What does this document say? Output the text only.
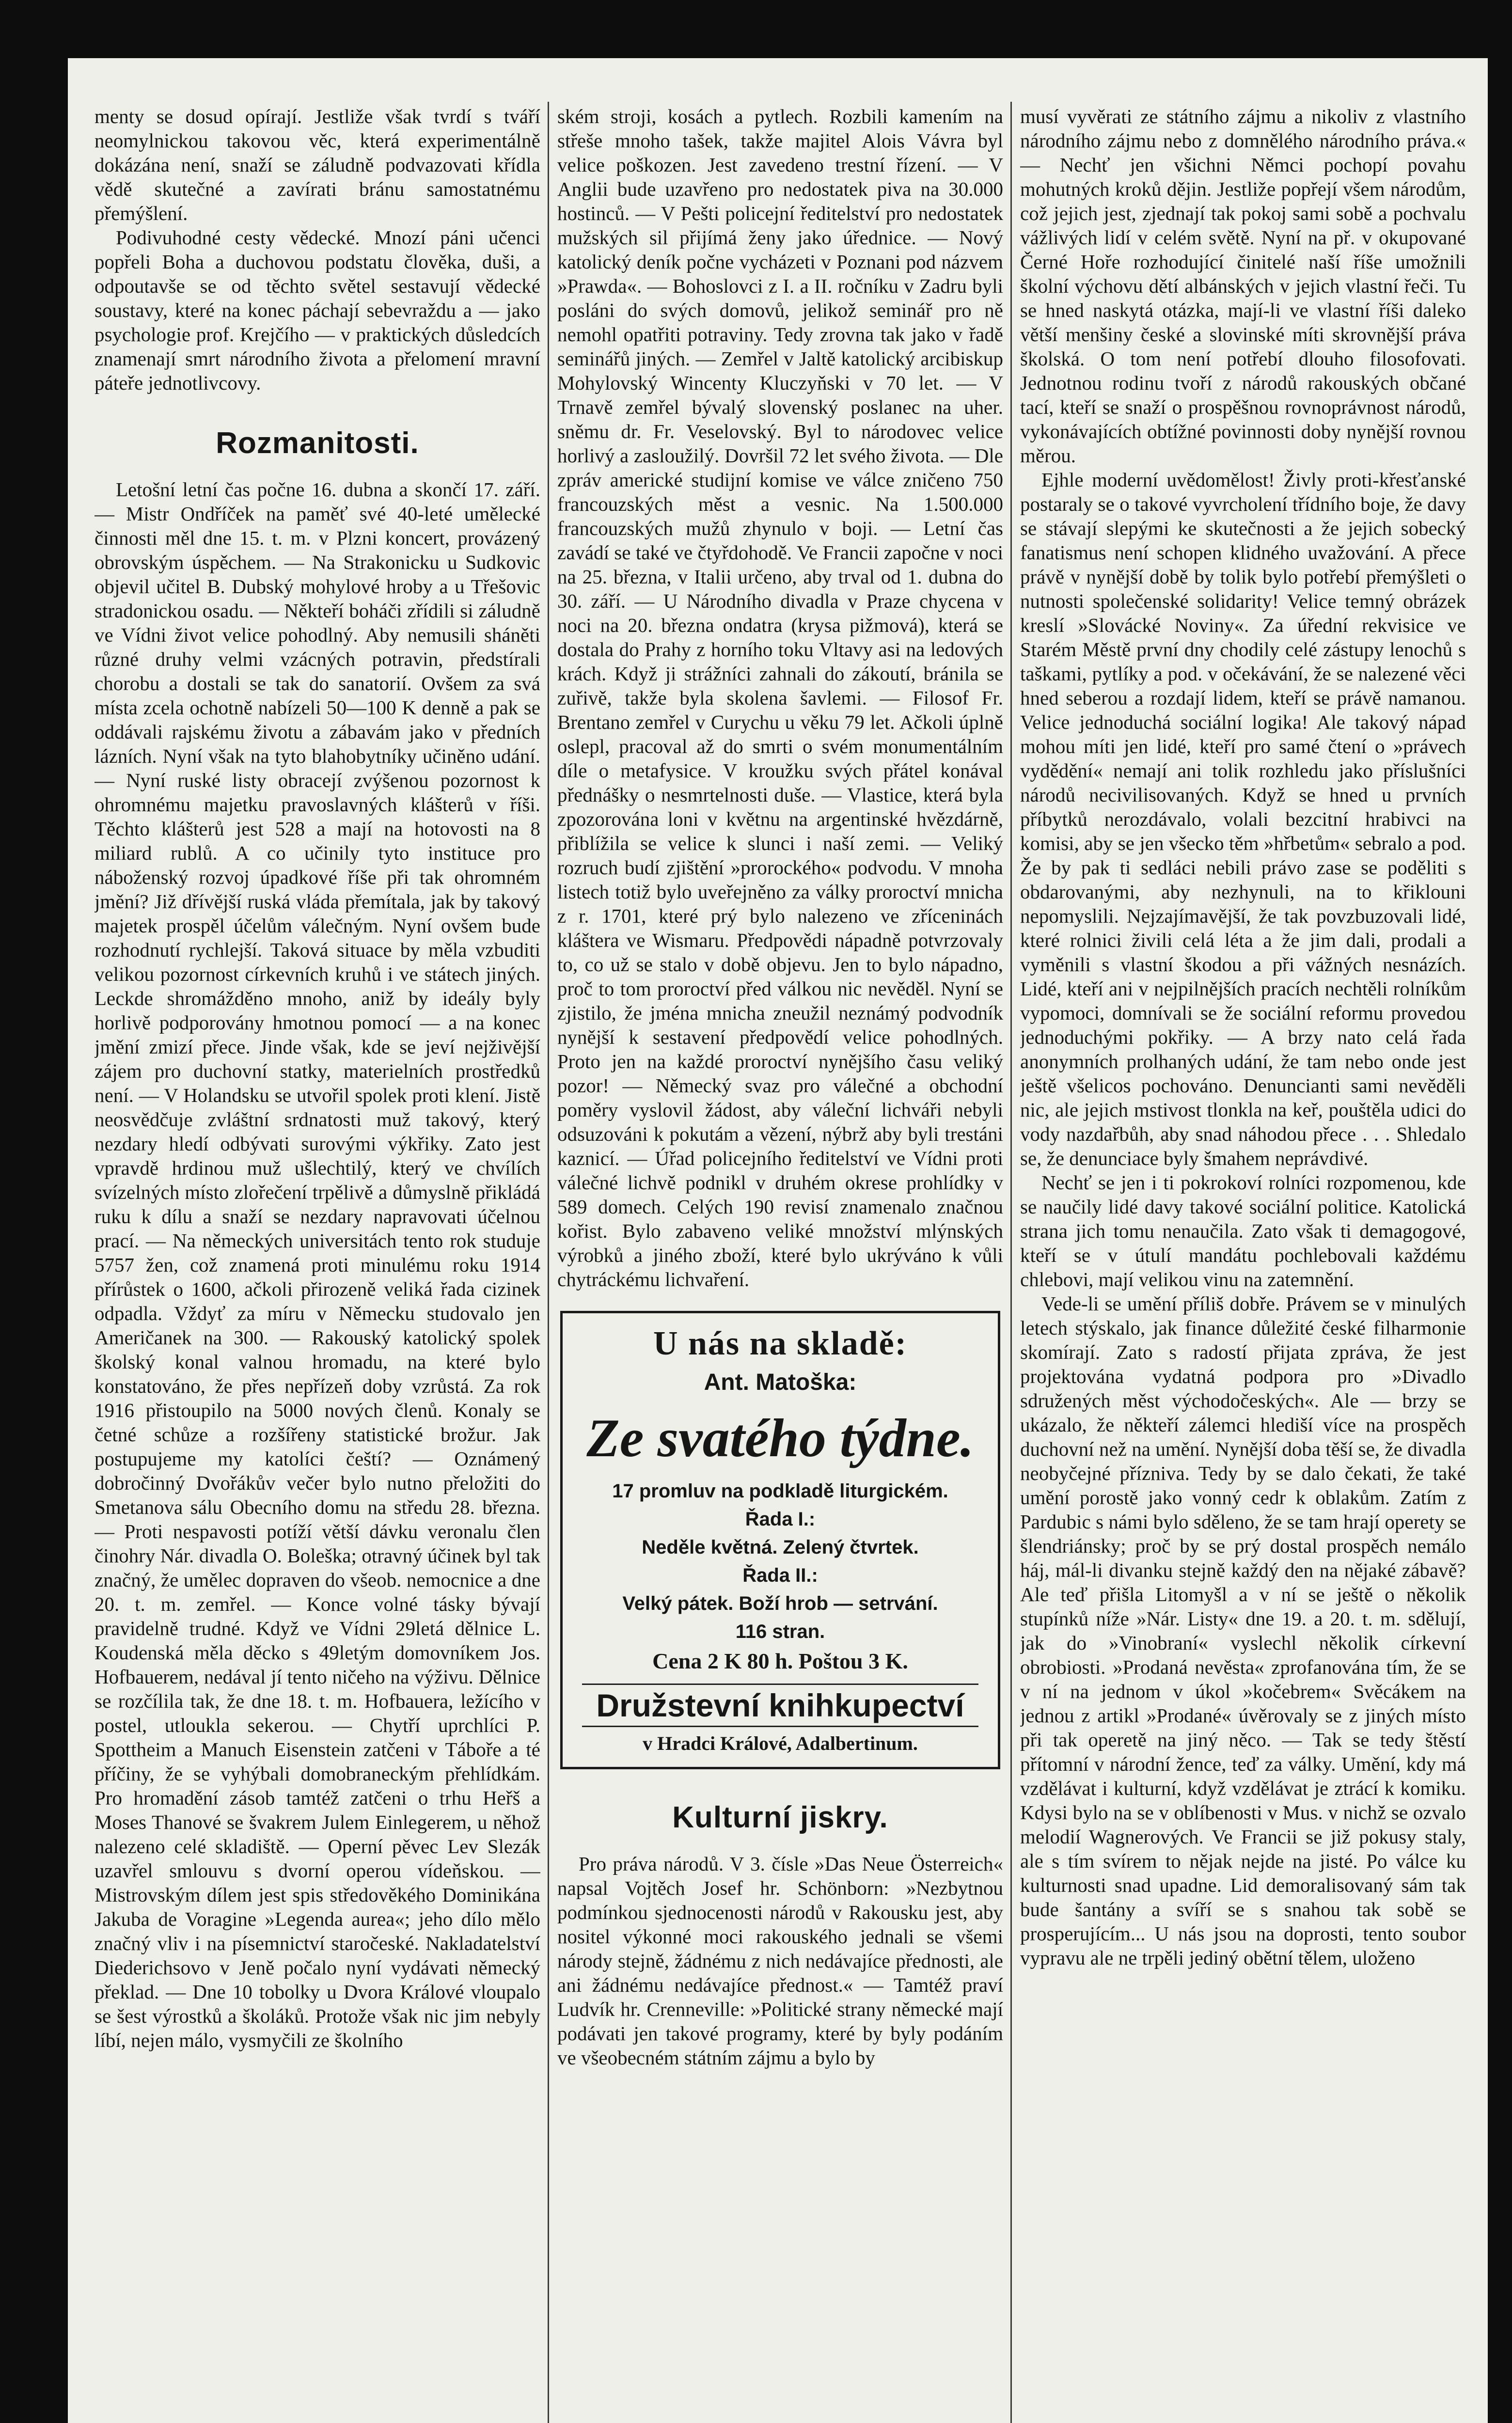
menty se dosud opírají. Jestliže však tvrdí s tváří neomylnickou takovou věc, která experimentálně dokázána není, snaží se záludně podvazovati křídla vědě skutečné a zavírati bránu samostatnému přemýšlení.

Podivuhodné cesty vědecké. Mnozí páni učenci popřeli Boha a duchovou podstatu člověka, duši, a odpoutavše se od těchto světel sestavují vědecké soustavy, které na konec páchají sebevraždu a — jako psychologie prof. Krejčího — v praktických důsledcích znamenají smrt národního života a přelomení mravní páteře jednotlivcovy.

Rozmanitosti.

Letošní letní čas počne 16. dubna a skončí 17. září. — Mistr Ondříček na paměť své 40-leté umělecké činnosti měl dne 15. t. m. v Plzni koncert, provázený obrovským úspěchem. — Na Strakonicku u Sudkovic objevil učitel B. Dubský mohylové hroby a u Třešovic stradonickou osadu. — Někteří boháči zřídili si záludně ve Vídni život velice pohodlný. Aby nemusili sháněti různé druhy velmi vzácných potravin, předstírali chorobu a dostali se tak do sanatorií. Ovšem za svá místa zcela ochotně nabízeli 50—100 K denně a pak se oddávali rajskému životu a zábavám jako v předních lázních. Nyní však na tyto blahobytníky učiněno udání. — Nyní ruské listy obracejí zvýšenou pozornost k ohromnému majetku pravoslavných klášterů v říši. Těchto klášterů jest 528 a mají na hotovosti na 8 miliard rublů. A co učinily tyto instituce pro náboženský rozvoj úpadkové říše při tak ohromném jmění? Již dřívější ruská vláda přemítala, jak by takový majetek prospěl účelům válečným. Nyní ovšem bude rozhodnutí rychlejší. Taková situace by měla vzbuditi velikou pozornost církevních kruhů i ve státech jiných. Leckde shromážděno mnoho, aniž by ideály byly horlivě podporovány hmotnou pomocí — a na konec jmění zmizí přece. Jinde však, kde se jeví nejživější zájem pro duchovní statky, materielních prostředků není. — V Holandsku se utvořil spolek proti klení. Jistě neosvědčuje zvláštní srdnatosti muž takový, který nezdary hledí odbývati surovými výkřiky. Zato jest vpravdě hrdinou muž ušlechtilý, který ve chvílích svízelných místo zlořečení trpělivě a důmyslně přikládá ruku k dílu a snaží se nezdary napravovati účelnou prací. — Na německých universitách tento rok studuje 5757 žen, což znamená proti minulému roku 1914 přírůstek o 1600, ačkoli přirozeně veliká řada cizinek odpadla. Vždyť za míru v Německu studovalo jen Američanek na 300. — Rakouský katolický spolek školský konal valnou hromadu, na které bylo konstatováno, že přes nepřízeň doby vzrůstá. Za rok 1916 přistoupilo na 5000 nových členů. Konaly se četné schůze a rozšířeny statistické brožur. Jak postupujeme my katolíci čeští? — Oznámený dobročinný Dvořákův večer bylo nutno přeložiti do Smetanova sálu Obecního domu na středu 28. března. — Proti nespavosti potíží větší dávku veronalu člen činohry Nár. divadla O. Boleška; otravný účinek byl tak značný, že umělec dopraven do všeob. nemocnice a dne 20. t. m. zemřel. — Konce volné tásky bývají pravidelně trudné. Když ve Vídni 29letá dělnice L. Koudenská měla děcko s 49letým domovníkem Jos. Hofbauerem, nedával jí tento ničeho na výživu. Dělnice se rozčílila tak, že dne 18. t. m. Hofbauera, ležícího v postel, utloukla sekerou. — Chytří uprchlíci P. Spottheim a Manuch Eisenstein zatčeni v Táboře a té příčiny, že se vyhýbali domobraneckým přehlídkám. Pro hromadění zásob tamtéž zatčeni o trhu Heřš a Moses Thanové se švakrem Julem Einlegerem, u něhož nalezeno celé skladiště. — Operní pěvec Lev Slezák uzavřel smlouvu s dvorní operou vídeňskou. — Mistrovským dílem jest spis středověkého Dominikána Jakuba de Voragine »Legenda aurea«; jeho dílo mělo značný vliv i na písemnictví staročeské. Nakladatelství Diederichsovo v Jeně počalo nyní vydávati německý překlad. — Dne 10 tobolky u Dvora Králové vloupalo se šest výrostků a školáků. Protože však nic jim nebyly líbí, nejen málo, vysmyčili ze školního

ském stroji, kosách a pytlech. Rozbili kamením na střeše mnoho tašek, takže majitel Alois Vávra byl velice poškozen. Jest zavedeno trestní řízení. — V Anglii bude uzavřeno pro nedostatek piva na 30.000 hostinců. — V Pešti policejní ředitelství pro nedostatek mužských sil přijímá ženy jako úřednice. — Nový katolický deník počne vycházeti v Poznani pod názvem »Prawda«. — Bohoslovci z I. a II. ročníku v Zadru byli posláni do svých domovů, jelikož seminář pro ně nemohl opatřiti potraviny. Tedy zrovna tak jako v řadě seminářů jiných. — Zemřel v Jaltě katolický arcibiskup Mohylovský Wincenty Kluczyňski v 70 let. — V Trnavě zemřel bývalý slovenský poslanec na uher. sněmu dr. Fr. Veselovský. Byl to národovec velice horlivý a zasloužilý. Dovršil 72 let svého života. — Dle zpráv americké studijní komise ve válce zničeno 750 francouzských měst a vesnic. Na 1.500.000 francouzských mužů zhynulo v boji. — Letní čas zavádí se také ve čtyřdohodě. Ve Francii započne v noci na 25. března, v Italii určeno, aby trval od 1. dubna do 30. září. — U Národního divadla v Praze chycena v noci na 20. března ondatra (krysa pižmová), která se dostala do Prahy z horního toku Vltavy asi na ledových krách. Když ji strážníci zahnali do zákoutí, bránila se zuřivě, takže byla skolena šavlemi. — Filosof Fr. Brentano zemřel v Curychu u věku 79 let. Ačkoli úplně oslepl, pracoval až do smrti o svém monumentálním díle o metafysice. V kroužku svých přátel konával přednášky o nesmrtelnosti duše. — Vlastice, která byla zpozorována loni v květnu na argentinské hvězdárně, přiblížila se velice k slunci i naší zemi. — Veliký rozruch budí zjištění »prorockého« podvodu. V mnoha listech totiž bylo uveřejněno za války proroctví mnicha z r. 1701, které prý bylo nalezeno ve zříceninách kláštera ve Wismaru. Předpovědi nápadně potvrzovaly to, co už se stalo v době objevu. Jen to bylo nápadno, proč to tom proroctví před válkou nic nevěděl. Nyní se zjistilo, že jména mnicha zneužil neznámý podvodník nynější k sestavení předpovědí velice pohodlných. Proto jen na každé proroctví nynějšího času veliký pozor! — Německý svaz pro válečné a obchodní poměry vyslovil žádost, aby váleční lichváři nebyli odsuzováni k pokutám a vězení, nýbrž aby byli trestáni kaznicí. — Úřad policejního ředitelství ve Vídni proti válečné lichvě podnikl v druhém okrese prohlídky v 589 domech. Celých 190 revisí znamenalo značnou kořist. Bylo zabaveno veliké množství mlýnských výrobků a jiného zboží, které bylo ukrýváno k vůli chytráckému lichvaření.

U nás na skladě:
Ant. Matoška:
Ze svatého týdne.
17 promluv na podkladě liturgickém.
Řada I.:
Neděle květná. Zelený čtvrtek.
Řada II.:
Velký pátek. Boží hrob — setrvání.
116 stran.
Cena 2 K 80 h. Poštou 3 K.
Družstevní knihkupectví
v Hradci Králové, Adalbertinum.
Kulturní jiskry.

Pro práva národů. V 3. čísle »Das Neue Österreich« napsal Vojtěch Josef hr. Schönborn: »Nezbytnou podmínkou sjednocenosti národů v Rakousku jest, aby nositel výkonné moci rakouského jednali se všemi národy stejně, žádnému z nich nedávajíce přednosti, ale ani žádnému nedávajíce přednost.« — Tamtéž praví Ludvík hr. Crenneville: »Politické strany německé mají podávati jen takové programy, které by byly podáním ve všeobecném státním zájmu a bylo by

musí vyvěrati ze státního zájmu a nikoliv z vlastního národního zájmu nebo z domnělého národního práva.« — Nechť jen všichni Němci pochopí povahu mohutných kroků dějin. Jestliže popřejí všem národům, což jejich jest, zjednají tak pokoj sami sobě a pochvalu vážlivých lidí v celém světě. Nyní na př. v okupované Černé Hoře rozhodující činitelé naší říše umožnili školní výchovu dětí albánských v jejich vlastní řeči. Tu se hned naskytá otázka, mají-li ve vlastní říši daleko větší menšiny české a slovinské míti skrovnější práva školská. O tom není potřebí dlouho filosofovati. Jednotnou rodinu tvoří z národů rakouských občané tací, kteří se snaží o prospěšnou rovnoprávnost národů, vykonávajících obtížné povinnosti doby nynější rovnou měrou.

Ejhle moderní uvědomělost! Živly proti-křesťanské postaraly se o takové vyvrcholení třídního boje, že davy se stávají slepými ke skutečnosti a že jejich sobecký fanatismus není schopen klidného uvažování. A přece právě v nynější době by tolik bylo potřebí přemýšleti o nutnosti společenské solidarity! Velice temný obrázek kreslí »Slovácké Noviny«. Za úřední rekvisice ve Starém Městě první dny chodily celé zástupy lenochů s taškami, pytlíky a pod. v očekávání, že se nalezené věci hned seberou a rozdají lidem, kteří se právě namanou. Velice jednoduchá sociální logika! Ale takový nápad mohou míti jen lidé, kteří pro samé čtení o »právech vydědění« nemají ani tolik rozhledu jako příslušníci národů necivilisovaných. Když se hned u prvních příbytků nerozdávalo, volali bezcitní hrabivci na komisi, aby se jen všecko těm »hřbetům« sebralo a pod. Že by pak ti sedláci nebili právo zase se poděliti s obdarovanými, aby nezhynuli, na to křiklouni nepomyslili. Nejzajímavější, že tak povzbuzovali lidé, které rolnici živili celá léta a že jim dali, prodali a vyměnili s vlastní škodou a při vážných nesnázích. Lidé, kteří ani v nejpilnějších pracích nechtěli rolníkům vypomoci, domnívali se že sociální reformu provedou jednoduchými pokřiky. — A brzy nato celá řada anonymních prolhaných udání, že tam nebo onde jest ještě všelicos pochováno. Denuncianti sami nevěděli nic, ale jejich mstivost tlonkla na keř, pouštěla udici do vody nazdařbůh, aby snad náhodou přece . . . Shledalo se, že denunciace byly šmahem neprávdivé.

Nechť se jen i ti pokrokoví rolníci rozpomenou, kde se naučily lidé davy takové sociální politice. Katolická strana jich tomu nenaučila. Zato však ti demagogové, kteří se v útulí mandátu pochlebovali každému chlebovi, mají velikou vinu na zatemnění.

Vede-li se umění příliš dobře. Právem se v minulých letech stýskalo, jak finance důležité české filharmonie skomírají. Zato s radostí přijata zpráva, že jest projektována vydatná podpora pro »Divadlo sdružených měst východočeských«. Ale — brzy se ukázalo, že někteří zálemci hlediší více na prospěch duchovní než na umění. Nynější doba těší se, že divadla neobyčejné přízniva. Tedy by se dalo čekati, že také umění porostě jako vonný cedr k oblakům. Zatím z Pardubic s námi bylo sděleno, že se tam hrají operety se šlendriánsky; proč by se prý dostal prospěch nemálo háj, mál-li divanku stejně každý den na nějaké zábavě? Ale teď přišla Litomyšl a v ní se ještě o několik stupínků níže »Nár. Listy« dne 19. a 20. t. m. sdělují, jak do »Vinobraní« vyslechl několik církevní obrobiosti. »Prodaná nevěsta« zprofanována tím, že se v ní na jednom v úkol »kočebrem« Svěcákem na jednou z artikl »Prodané« úvěrovaly se z jiných místo při tak operetě na jiný něco. — Tak se tedy štěstí přítomní v národní žence, teď za války. Umění, kdy má vzdělávat i kulturní, když vzdělávat je ztrácí k komiku. Kdysi bylo na se v oblíbenosti v Mus. v nichž se ozvalo melodií Wagnerových. Ve Francii se již pokusy staly, ale s tím svírem to nějak nejde na jisté. Po válce ku kulturnosti snad upadne. Lid demoralisovaný sám tak bude šantány a svíří se s snahou tak sobě se prosperujícím... U nás jsou na doprosti, tento soubor vypravu ale ne trpěli jediný obětní tělem, uloženo
